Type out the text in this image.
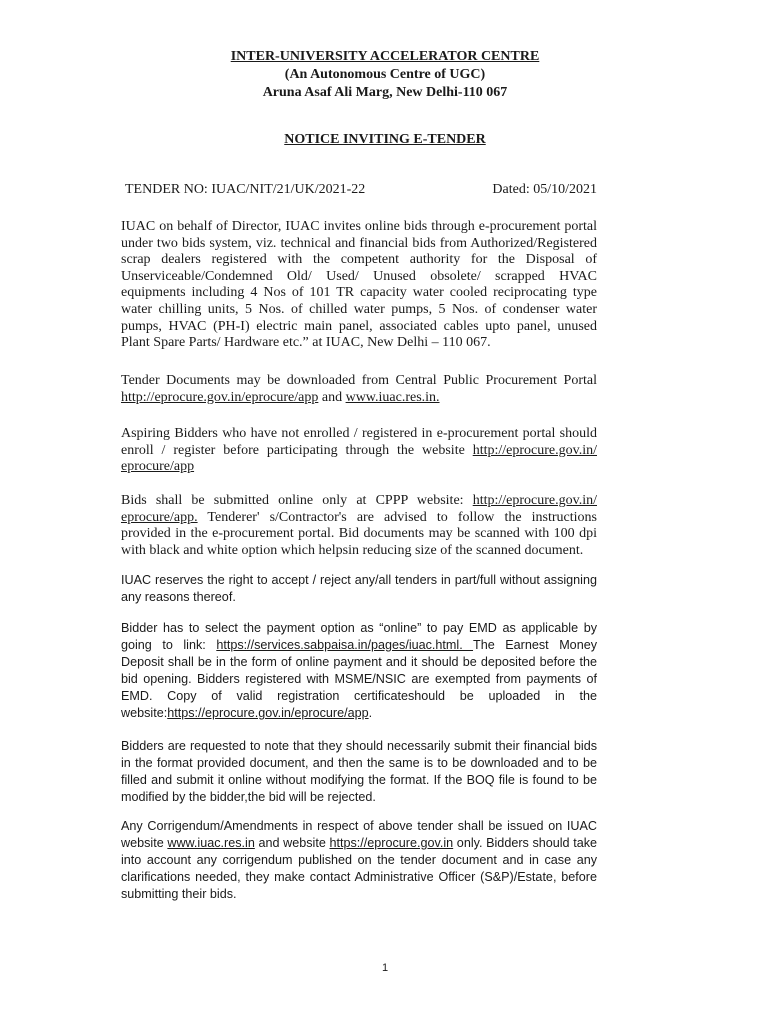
INTER-UNIVERSITY ACCELERATOR CENTRE
(An Autonomous Centre of UGC)
Aruna Asaf Ali Marg, New Delhi-110 067
NOTICE INVITING E-TENDER
TENDER NO: IUAC/NIT/21/UK/2021-22	Dated: 05/10/2021

IUAC on behalf of Director, IUAC invites online bids through e-procurement portal under two bids system, viz. technical and financial bids from Authorized/Registered scrap dealers registered with the competent authority for the Disposal of Unserviceable/Condemned Old/ Used/ Unused obsolete/ scrapped HVAC equipments including 4 Nos of 101 TR capacity water cooled reciprocating type water chilling units, 5 Nos. of chilled water pumps, 5 Nos. of condenser water pumps, HVAC (PH-I) electric main panel, associated cables upto panel, unused Plant Spare Parts/ Hardware etc.” at IUAC, New Delhi – 110 067.

Tender Documents may be downloaded from Central Public Procurement Portal http://eprocure.gov.in/eprocure/app and www.iuac.res.in.

Aspiring Bidders who have not enrolled / registered in e-procurement portal should enroll / register before participating through the website http://eprocure.gov.in/ eprocure/app

Bids shall be submitted online only at CPPP website: http://eprocure.gov.in/ eprocure/app. Tenderer' s/Contractor's are advised to follow the instructions provided in the e-procurement portal. Bid documents may be scanned with 100 dpi with black and white option which helpsin reducing size of the scanned document.

IUAC reserves the right to accept / reject any/all tenders in part/full without assigning any reasons thereof.

Bidder has to select the payment option as “online” to pay EMD as applicable by going to link: https://services.sabpaisa.in/pages/iuac.html. The Earnest Money Deposit shall be in the form of online payment and it should be deposited before the bid opening. Bidders registered with MSME/NSIC are exempted from payments of EMD. Copy of valid registration certificateshould be uploaded in the website:https://eprocure.gov.in/eprocure/app.

Bidders are requested to note that they should necessarily submit their financial bids in the format provided document, and then the same is to be downloaded and to be filled and submit it online without modifying the format. If the BOQ file is found to be modified by the bidder,the bid will be rejected.

Any Corrigendum/Amendments in respect of above tender shall be issued on IUAC website www.iuac.res.in and website https://eprocure.gov.in only. Bidders should take into account any corrigendum published on the tender document and in case any clarifications needed, they make contact Administrative Officer (S&P)/Estate, before submitting their bids.

1
